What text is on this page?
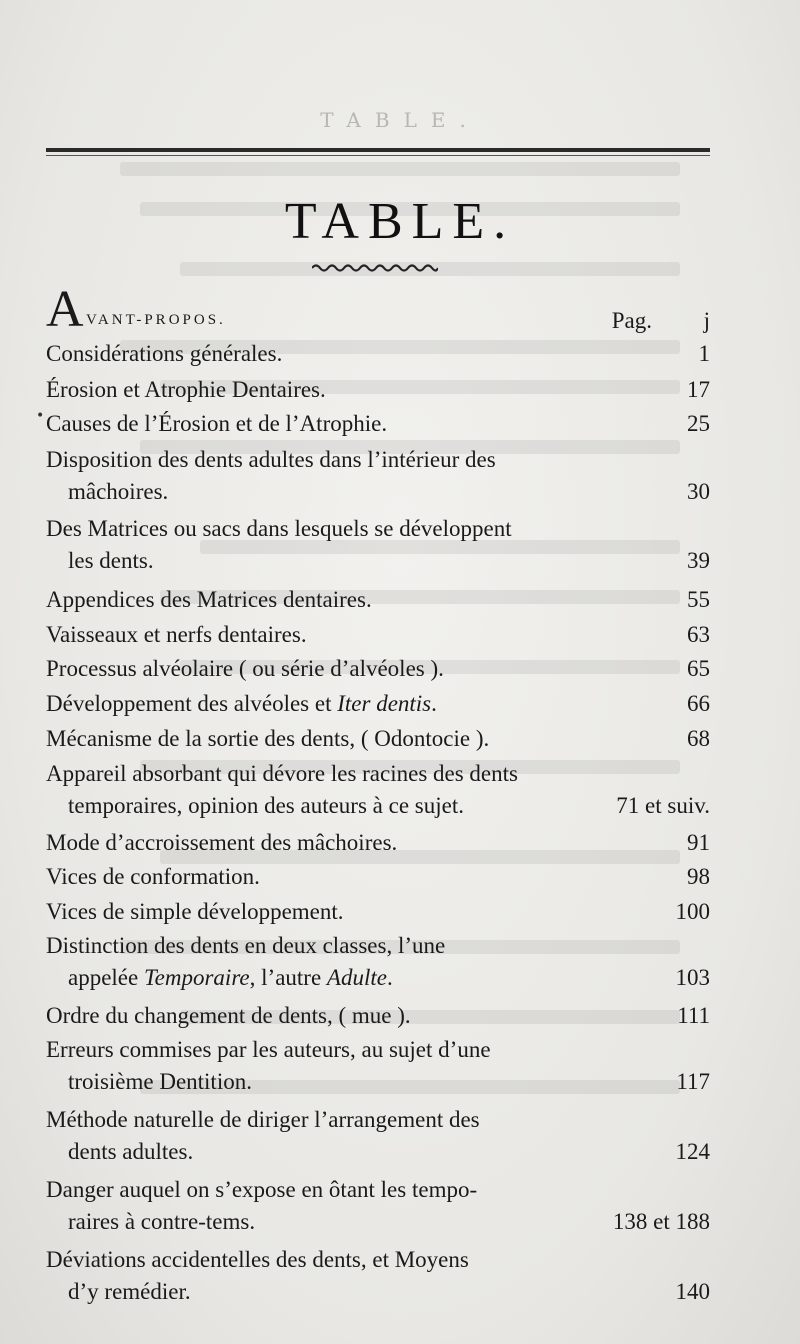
TABLE.
TABLE.
A VANT-PROPOS.	Pag. j
•
Considérations générales.	1
Érosion et Atrophie Dentaires.	17
Causes de l’Érosion et de l’Atrophie.	25
Disposition des dents adultes dans l’intérieur des
mâchoires.	30
Des Matrices ou sacs dans lesquels se développent
les dents.	39
Appendices des Matrices dentaires.	55
Vaisseaux et nerfs dentaires.	63
Processus alvéolaire ( ou série d’alvéoles ).	65
Développement des alvéoles et Iter dentis.	66
Mécanisme de la sortie des dents, ( Odontocie ).	68
Appareil absorbant qui dévore les racines des dents
temporaires, opinion des auteurs à ce sujet.	71 et suiv.
Mode d’accroissement des mâchoires.	91
Vices de conformation.	98
Vices de simple développement.	100
Distinction des dents en deux classes, l’une
appelée Temporaire, l’autre Adulte.	103
Ordre du changement de dents, ( mue ).	111
Erreurs commises par les auteurs, au sujet d’une
troisième Dentition.	117
Méthode naturelle de diriger l’arrangement des
dents adultes.	124
Danger auquel on s’expose en ôtant les tempo-
raires à contre-tems.	138 et 188
Déviations accidentelles des dents, et Moyens
d’y remédier.	140
